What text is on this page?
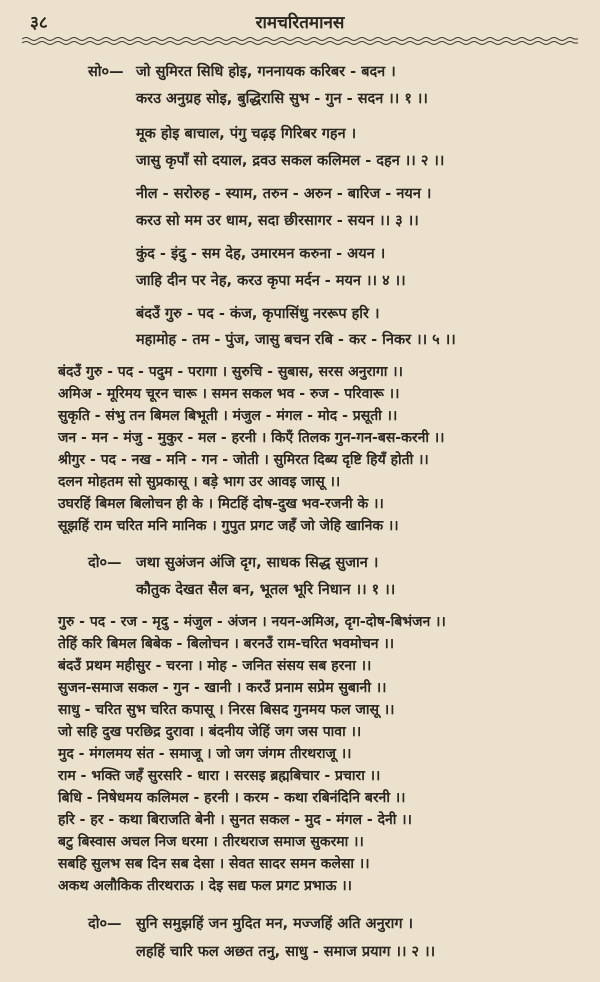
३८	रामचरितमानस
सो०— जो सुमिरत सिधि होइ, गननायक करिबर - बदन ।
करउ अनुग्रह सोइ, बुद्धिरासि सुभ - गुन - सदन ।। १ ।।
मूक होइ बाचाल, पंगु चढ़इ गिरिबर गहन ।
जासु कृपाँ सो दयाल, द्रवउ सकल कलिमल - दहन ।। २ ।।
नील - सरोरुह - स्याम, तरुन - अरुन - बारिज - नयन ।
करउ सो मम उर धाम, सदा छीरसागर - सयन ।। ३ ।।
कुंद - इंदु - सम देह, उमारमन करुना - अयन ।
जाहि दीन पर नेह, करउ कृपा मर्दन - मयन ।। ४ ।।
बंदउँ गुरु - पद - कंज, कृपासिंधु नररूप हरि ।
महामोह - तम - पुंज, जासु बचन रबि - कर - निकर ।। ५ ।।
बंदउँ गुरु - पद - पदुम - परागा । सुरुचि - सुबास, सरस अनुरागा ।।
अमिअ - मूरिमय चूरन चारू । समन सकल भव - रुज - परिवारू ।।
सुकृति - संभु तन बिमल बिभूती । मंजुल - मंगल - मोद - प्रसूती ।।
जन - मन - मंजु - मुकुर - मल - हरनी । किएँ तिलक गुन-गन-बस-करनी ।।
श्रीगुर - पद - नख - मनि - गन - जोती । सुमिरत दिब्य दृष्टि हियँ होती ।।
दलन मोहतम सो सुप्रकासू । बड़े भाग उर आवइ जासू ।।
उघरहिं बिमल बिलोचन ही के । मिटहिं दोष-दुख भव-रजनी के ।।
सूझहिं राम चरित मनि मानिक । गुपुत प्रगट जहँ जो जेहि खानिक ।।
दो०— जथा सुअंजन अंजि दृग, साधक सिद्ध सुजान ।
कौतुक देखत सैल बन, भूतल भूरि निधान ।। १ ।।
गुरु - पद - रज - मृदु - मंजुल - अंजन । नयन-अमिअ, दृग-दोष-बिभंजन ।।
तेहिं करि बिमल बिबेक - बिलोचन । बरनउँ राम-चरित भवमोचन ।।
बंदउँ प्रथम महीसुर - चरना । मोह - जनित संसय सब हरना ।।
सुजन-समाज सकल - गुन - खानी । करउँ प्रनाम सप्रेम सुबानी ।।
साधु - चरित सुभ चरित कपासू । निरस बिसद गुनमय फल जासू ।।
जो सहि दुख परछिद्र दुरावा । बंदनीय जेहिं जग जस पावा ।।
मुद - मंगलमय संत - समाजू । जो जग जंगम तीरथराजू ।।
राम - भक्ति जहँ सुरसरि - धारा । सरसइ ब्रह्मबिचार - प्रचारा ।।
बिधि - निषेधमय कलिमल - हरनी । करम - कथा रबिनंदिनि बरनी ।।
हरि - हर - कथा बिराजति बेनी । सुनत सकल - मुद - मंगल - देनी ।।
बटु बिस्वास अचल निज धरमा । तीरथराज समाज सुकरमा ।।
सबहि सुलभ सब दिन सब देसा । सेवत सादर समन कलेसा ।।
अकथ अलौकिक तीरथराऊ । देइ सद्य फल प्रगट प्रभाऊ ।।
दो०— सुनि समुझहिं जन मुदित मन, मज्जहिं अति अनुराग ।
लहहिं चारि फल अछत तनु, साधु - समाज प्रयाग ।। २ ।।
